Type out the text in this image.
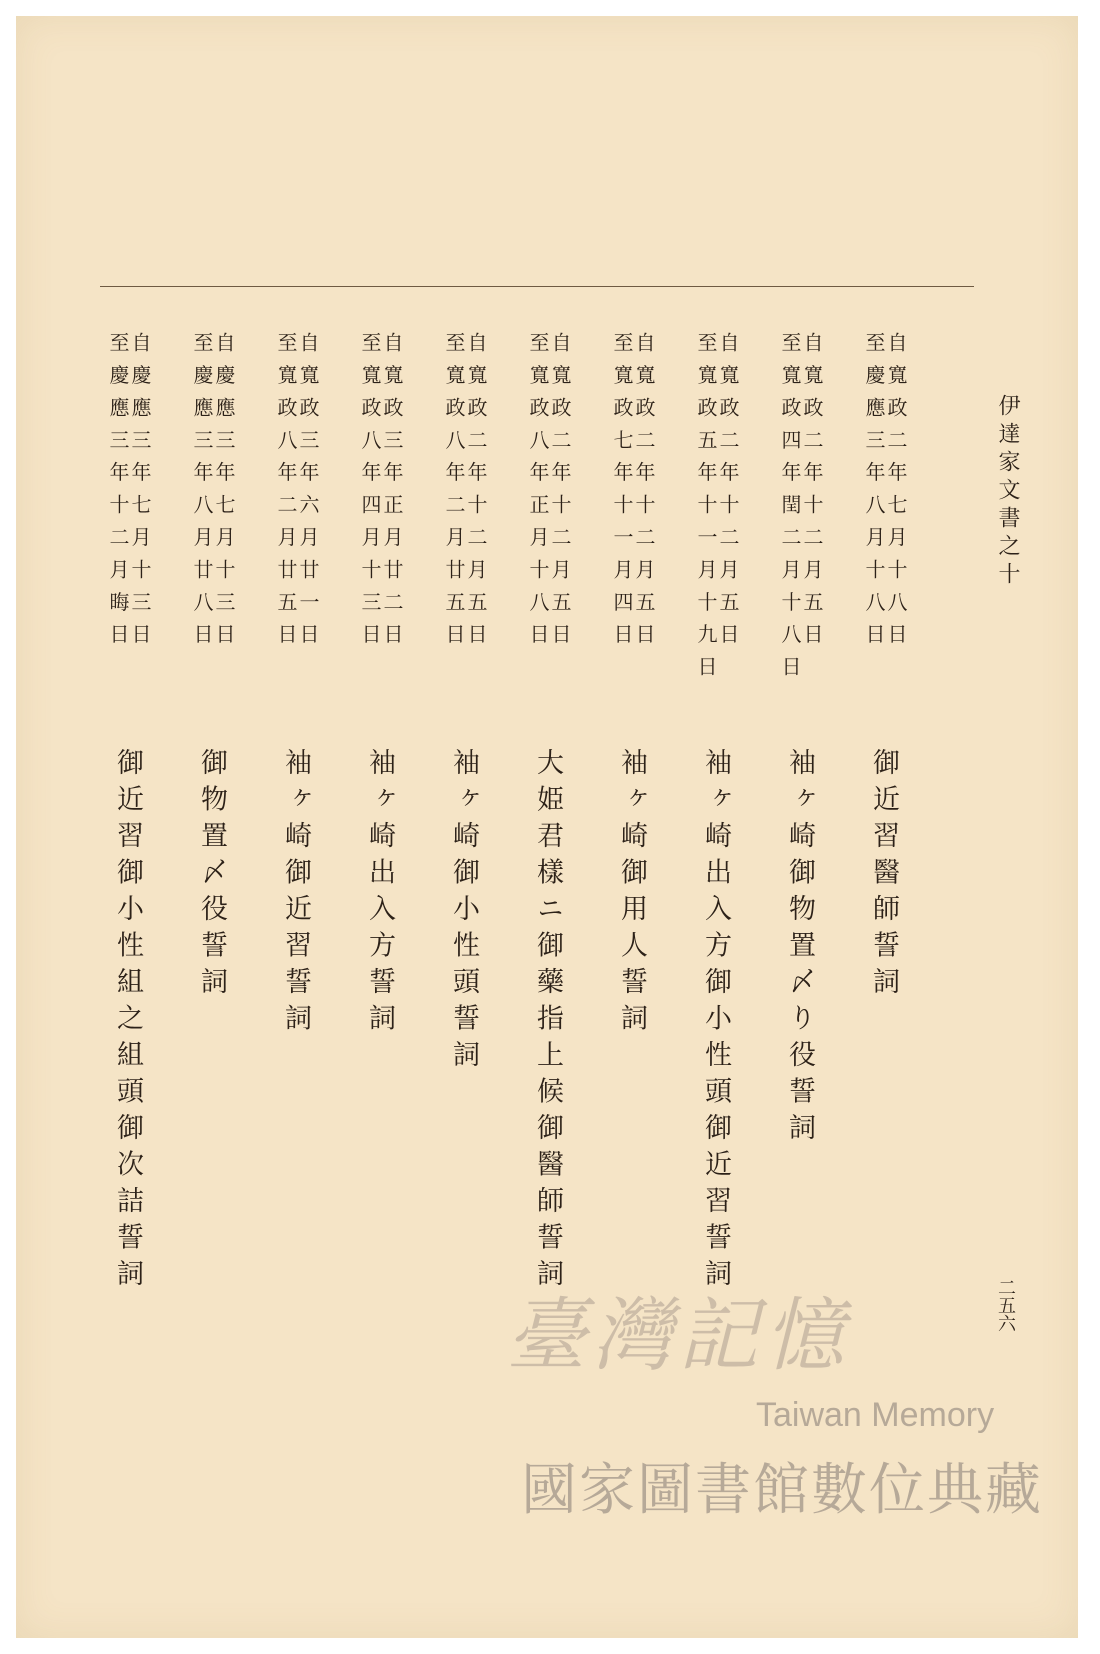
伊達家文書之十
自寬政二年七月十八日
至慶應三年八月十八日
御近習醫師誓詞
自寬政二年十二月五日
至寬政四年閏二月十八日
袖ヶ崎御物置〆り役誓詞
自寬政二年十二月五日
至寬政五年十一月十九日
袖ヶ崎出入方御小性頭御近習誓詞
自寬政二年十二月五日
至寬政七年十一月四日
袖ヶ崎御用人誓詞
自寬政二年十二月五日
至寬政八年正月十八日
大姫君樣ニ御藥指上候御醫師誓詞
自寬政二年十二月五日
至寬政八年二月廿五日
袖ヶ崎御小性頭誓詞
自寬政三年正月廿二日
至寬政八年四月十三日
袖ヶ崎出入方誓詞
自寬政三年六月廿一日
至寬政八年二月廿五日
袖ヶ崎御近習誓詞
自慶應三年七月十三日
至慶應三年八月廿八日
御物置〆役誓詞
自慶應三年七月十三日
至慶應三年十二月晦日
御近習御小性組之組頭御次詰誓詞
二五六
臺灣記憶
Taiwan Memory
國家圖書館數位典藏
